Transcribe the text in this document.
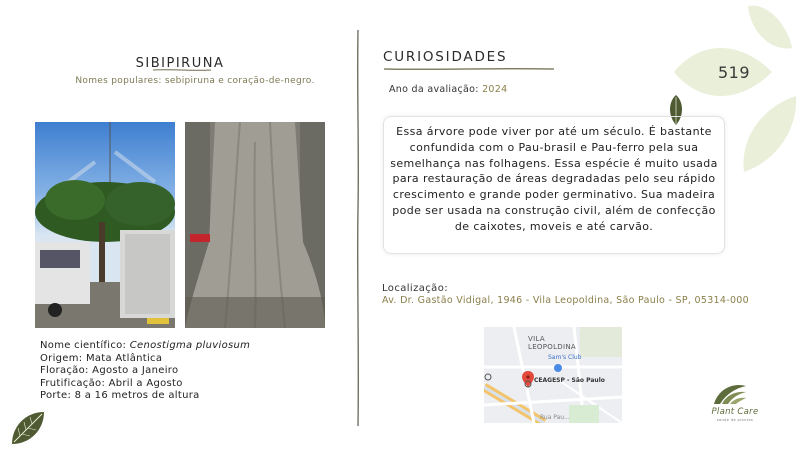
519
SIBIPIRUNA
Nomes populares: sebipiruna e coração-de-negro.
Nome científico: Cenostigma pluviosum
Origem: Mata Atlântica
Floração: Agosto a Janeiro
Frutificação: Abril a Agosto
Porte: 8 a 16 metros de altura
CURIOSIDADES
Ano da avaliação: 2024
Essa árvore pode viver por até um século. É bastante confundida com o Pau-brasil e Pau-ferro pela sua semelhança nas folhagens. Essa espécie é muito usada para restauração de áreas degradadas pelo seu rápido crescimento e grande poder germinativo. Sua madeira pode ser usada na construção civil, além de confecção de caixotes, moveis e até carvão.
Localização:
Av. Dr. Gastão Vidigal, 1946 - Vila Leopoldina, São Paulo - SP, 05314-000
VILA
LEOPOLDINA
Sam's Club
CEAGESP - São Paulo
Rua Pau...
Plant Care
saúde de plantas
